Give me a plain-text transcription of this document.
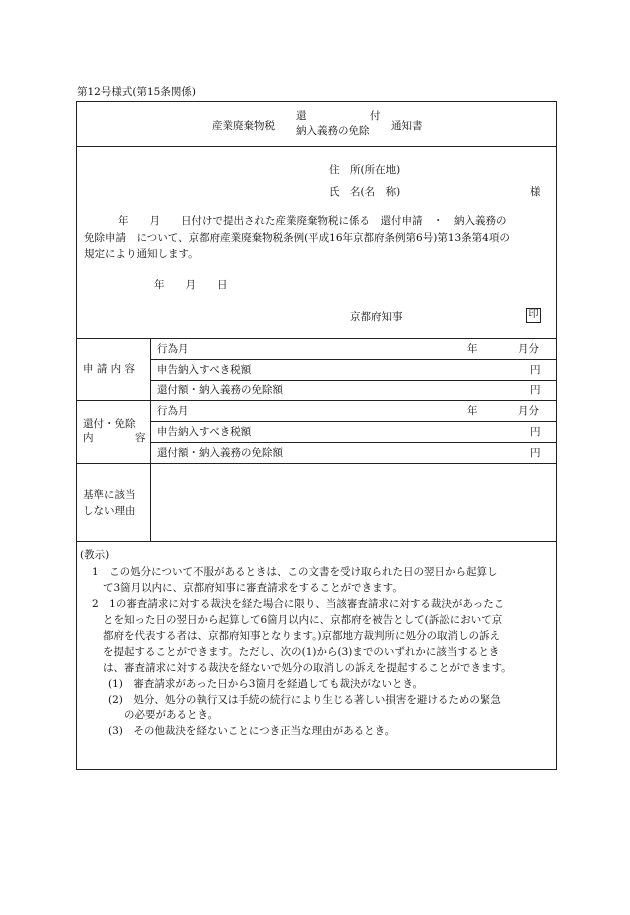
第12号様式(第15条関係)
産業廃棄物税
還	付
納入義務の免除 通知書
住　所(所在地)
氏　名(名　称)	様
年　　月　　日付けで提出された産業廃棄物税に係る　還付申請　・　納入義務の
免除申請　について、京都府産業廃棄物税条例(平成16年京都府条例第6号)第13条第4項の
規定により通知します。
年　　月　　日
京都府知事	印
申 請 内 容
行為月	年	月分
申告納入すべき税額	円
還付額・納入義務の免除額	円
還付・免除
内	容
行為月	年	月分
申告納入すべき税額	円
還付額・納入義務の免除額	円
基準に該当
しない理由
(教示)
1　この処分について不服があるときは、この文書を受け取られた日の翌日から起算し
て3箇月以内に、京都府知事に審査請求をすることができます。
2　1の審査請求に対する裁決を経た場合に限り、当該審査請求に対する裁決があったこ
とを知った日の翌日から起算して6箇月以内に、京都府を被告として(訴訟において京
都府を代表する者は、京都府知事となります。)京都地方裁判所に処分の取消しの訴え
を提起することができます。ただし、次の(1)から(3)までのいずれかに該当するとき
は、審査請求に対する裁決を経ないで処分の取消しの訴えを提起することができます。
(1)　審査請求があった日から3箇月を経過しても裁決がないとき。
(2)　処分、処分の執行又は手続の続行により生じる著しい損害を避けるための緊急
の必要があるとき。
(3)　その他裁決を経ないことにつき正当な理由があるとき。
